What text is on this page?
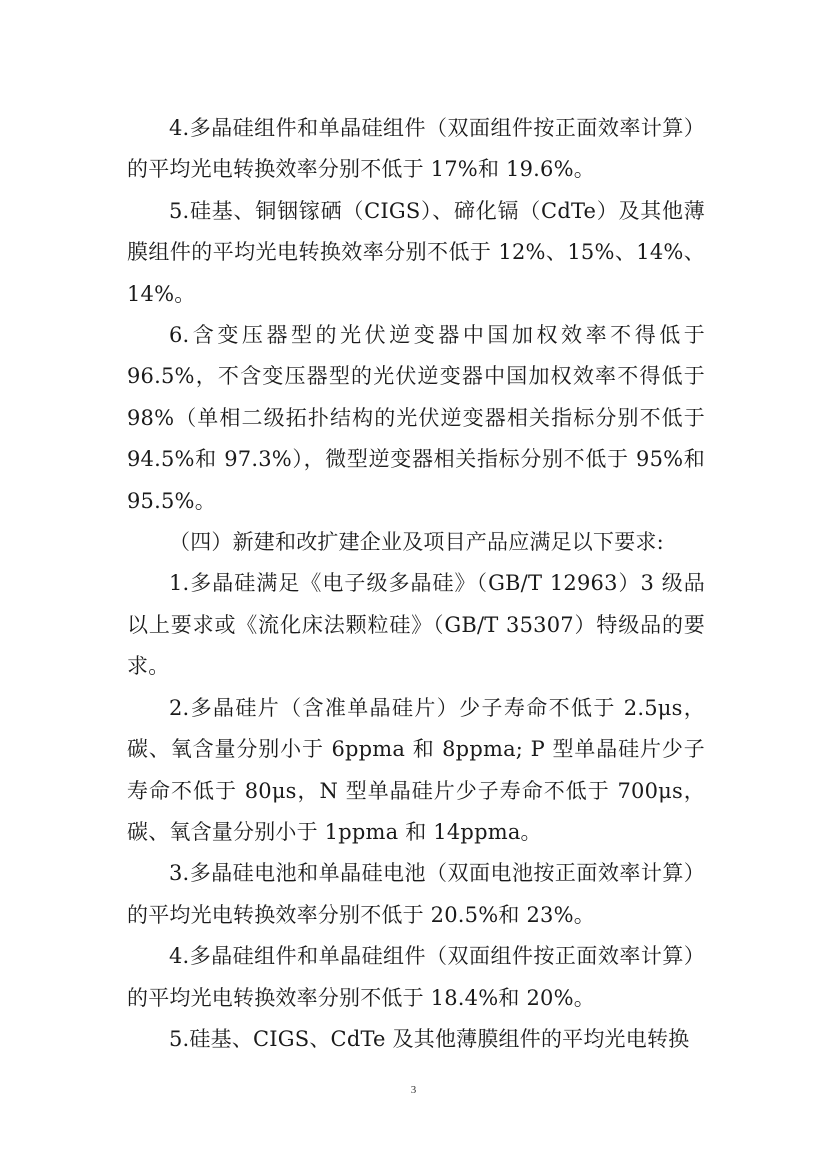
4.多晶硅组件和单晶硅组件（双面组件按正面效率计算）的平均光电转换效率分别不低于 17%和 19.6%。

5.硅基、铜铟镓硒（CIGS）、碲化镉（CdTe）及其他薄膜组件的平均光电转换效率分别不低于 12%、15%、14%、14%。

6.含变压器型的光伏逆变器中国加权效率不得低于96.5%，不含变压器型的光伏逆变器中国加权效率不得低于98%（单相二级拓扑结构的光伏逆变器相关指标分别不低于94.5%和 97.3%），微型逆变器相关指标分别不低于 95%和95.5%。

（四）新建和改扩建企业及项目产品应满足以下要求:

1.多晶硅满足《电子级多晶硅》（GB/T 12963）3 级品以上要求或《流化床法颗粒硅》（GB/T 35307）特级品的要求。

2.多晶硅片（含准单晶硅片）少子寿命不低于 2.5μs，碳、氧含量分别小于 6ppma 和 8ppma; P 型单晶硅片少子寿命不低于 80μs，N 型单晶硅片少子寿命不低于 700μs，碳、氧含量分别小于 1ppma 和 14ppma。

3.多晶硅电池和单晶硅电池（双面电池按正面效率计算）的平均光电转换效率分别不低于 20.5%和 23%。

4.多晶硅组件和单晶硅组件（双面组件按正面效率计算）的平均光电转换效率分别不低于 18.4%和 20%。

5.硅基、CIGS、CdTe 及其他薄膜组件的平均光电转换

3
